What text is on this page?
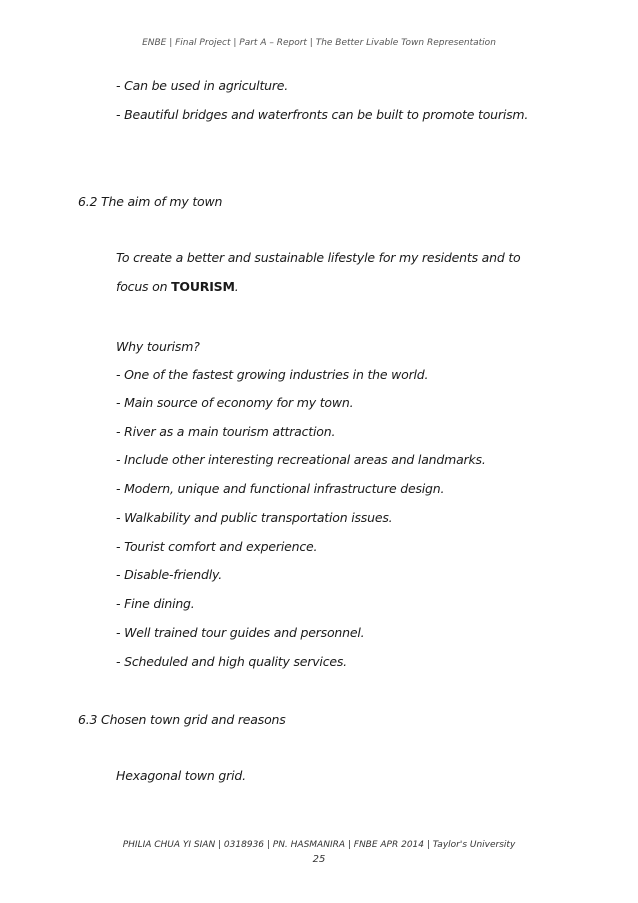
ENBE | Final Project | Part A – Report | The Better Livable Town Representation
- Can be used in agriculture.
- Beautiful bridges and waterfronts can be built to promote tourism.
6.2 The aim of my town
To create a better and sustainable lifestyle for my residents and to
focus on TOURISM.
Why tourism?
- One of the fastest growing industries in the world.
- Main source of economy for my town.
- River as a main tourism attraction.
- Include other interesting recreational areas and landmarks.
- Modern, unique and functional infrastructure design.
- Walkability and public transportation issues.
- Tourist comfort and experience.
- Disable-friendly.
- Fine dining.
- Well trained tour guides and personnel.
- Scheduled and high quality services.
6.3 Chosen town grid and reasons
Hexagonal town grid.
PHILIA CHUA YI SIAN | 0318936 | PN. HASMANIRA | FNBE APR 2014 | Taylor's University
25
